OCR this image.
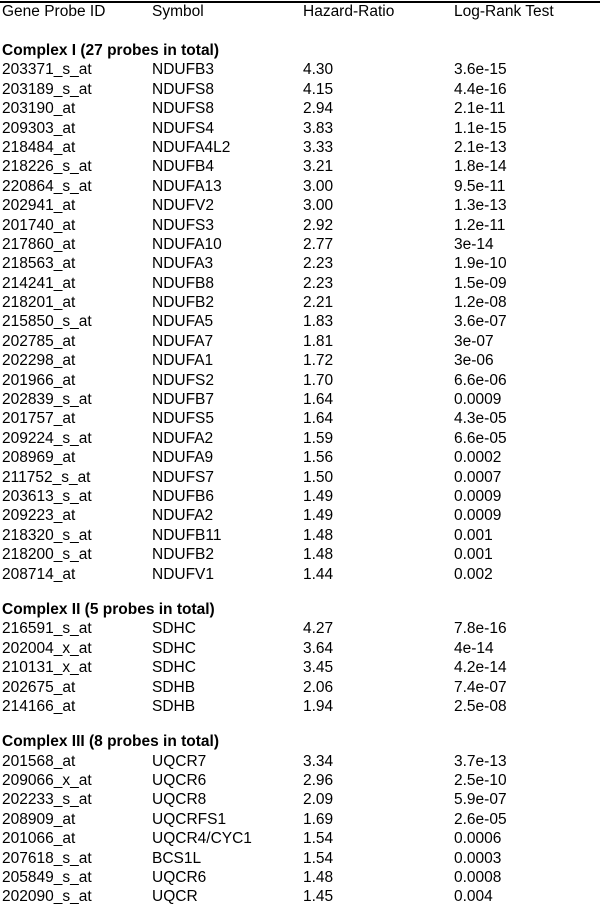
Gene Probe ID	Symbol	Hazard-Ratio	Log-Rank Test
Complex I (27 probes in total)
203371_s_at	NDUFB3	4.30	3.6e-15
203189_s_at	NDUFS8	4.15	4.4e-16
203190_at	NDUFS8	2.94	2.1e-11
209303_at	NDUFS4	3.83	1.1e-15
218484_at	NDUFA4L2	3.33	2.1e-13
218226_s_at	NDUFB4	3.21	1.8e-14
220864_s_at	NDUFA13	3.00	9.5e-11
202941_at	NDUFV2	3.00	1.3e-13
201740_at	NDUFS3	2.92	1.2e-11
217860_at	NDUFA10	2.77	3e-14
218563_at	NDUFA3	2.23	1.9e-10
214241_at	NDUFB8	2.23	1.5e-09
218201_at	NDUFB2	2.21	1.2e-08
215850_s_at	NDUFA5	1.83	3.6e-07
202785_at	NDUFA7	1.81	3e-07
202298_at	NDUFA1	1.72	3e-06
201966_at	NDUFS2	1.70	6.6e-06
202839_s_at	NDUFB7	1.64	0.0009
201757_at	NDUFS5	1.64	4.3e-05
209224_s_at	NDUFA2	1.59	6.6e-05
208969_at	NDUFA9	1.56	0.0002
211752_s_at	NDUFS7	1.50	0.0007
203613_s_at	NDUFB6	1.49	0.0009
209223_at	NDUFA2	1.49	0.0009
218320_s_at	NDUFB11	1.48	0.001
218200_s_at	NDUFB2	1.48	0.001
208714_at	NDUFV1	1.44	0.002
Complex II (5 probes in total)
216591_s_at	SDHC	4.27	7.8e-16
202004_x_at	SDHC	3.64	4e-14
210131_x_at	SDHC	3.45	4.2e-14
202675_at	SDHB	2.06	7.4e-07
214166_at	SDHB	1.94	2.5e-08
Complex III (8 probes in total)
201568_at	UQCR7	3.34	3.7e-13
209066_x_at	UQCR6	2.96	2.5e-10
202233_s_at	UQCR8	2.09	5.9e-07
208909_at	UQCRFS1	1.69	2.6e-05
201066_at	UQCR4/CYC1	1.54	0.0006
207618_s_at	BCS1L	1.54	0.0003
205849_s_at	UQCR6	1.48	0.0008
202090_s_at	UQCR	1.45	0.004
